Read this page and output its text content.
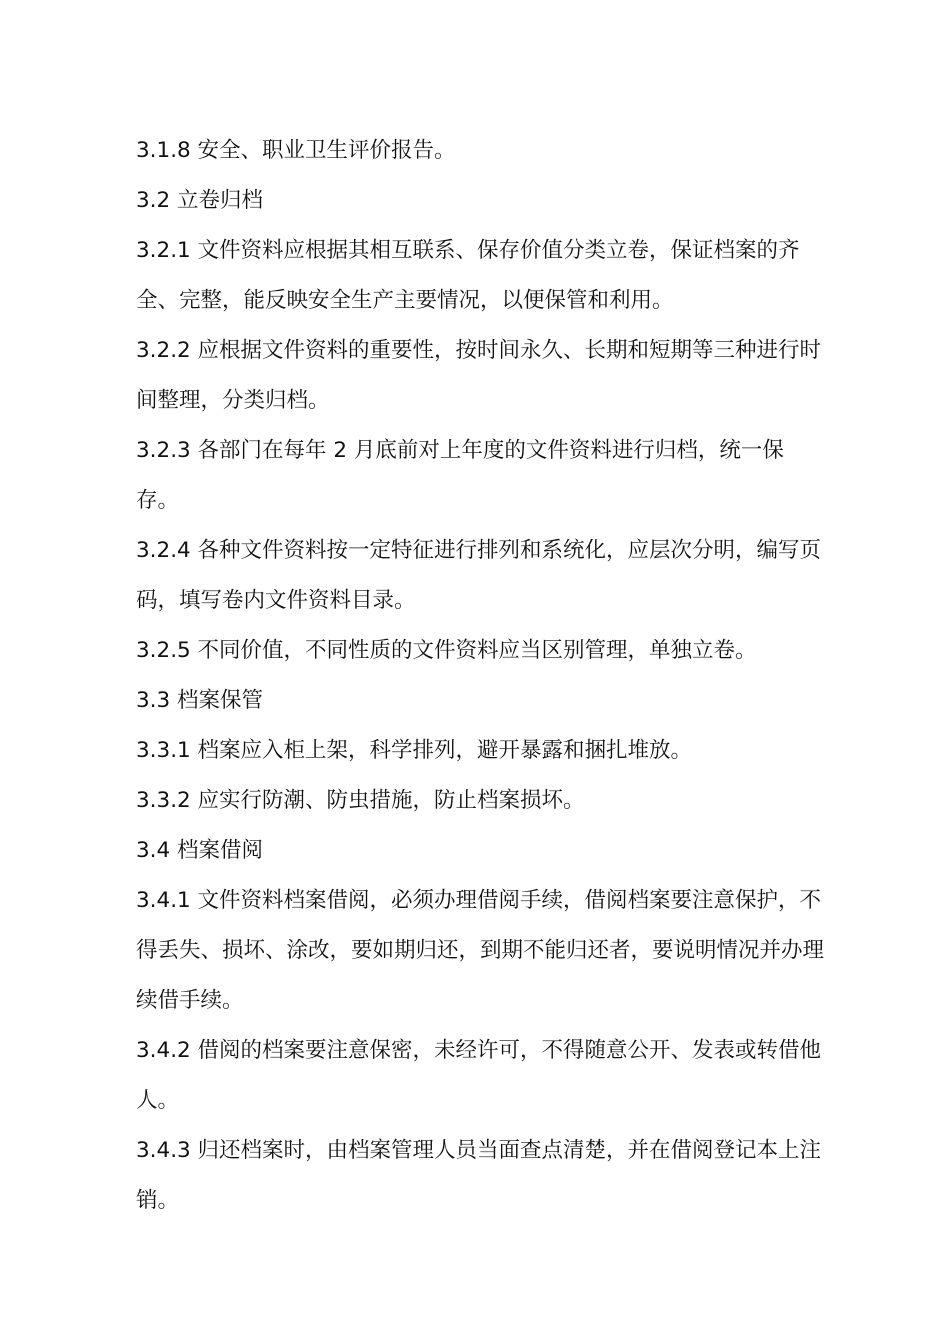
3.1.8 安全、职业卫生评价报告。

3.2 立卷归档

3.2.1 文件资料应根据其相互联系、保存价值分类立卷，保证档案的齐全、完整，能反映安全生产主要情况，以便保管和利用。

3.2.2 应根据文件资料的重要性，按时间永久、长期和短期等三种进行时间整理，分类归档。

3.2.3 各部门在每年 2 月底前对上年度的文件资料进行归档，统一保存。

3.2.4 各种文件资料按一定特征进行排列和系统化，应层次分明，编写页码，填写卷内文件资料目录。

3.2.5 不同价值，不同性质的文件资料应当区别管理，单独立卷。

3.3 档案保管

3.3.1 档案应入柜上架，科学排列，避开暴露和捆扎堆放。

3.3.2 应实行防潮、防虫措施，防止档案损坏。

3.4 档案借阅

3.4.1 文件资料档案借阅，必须办理借阅手续，借阅档案要注意保护，不得丢失、损坏、涂改，要如期归还，到期不能归还者，要说明情况并办理续借手续。

3.4.2 借阅的档案要注意保密，未经许可，不得随意公开、发表或转借他人。

3.4.3 归还档案时，由档案管理人员当面查点清楚，并在借阅登记本上注销。
